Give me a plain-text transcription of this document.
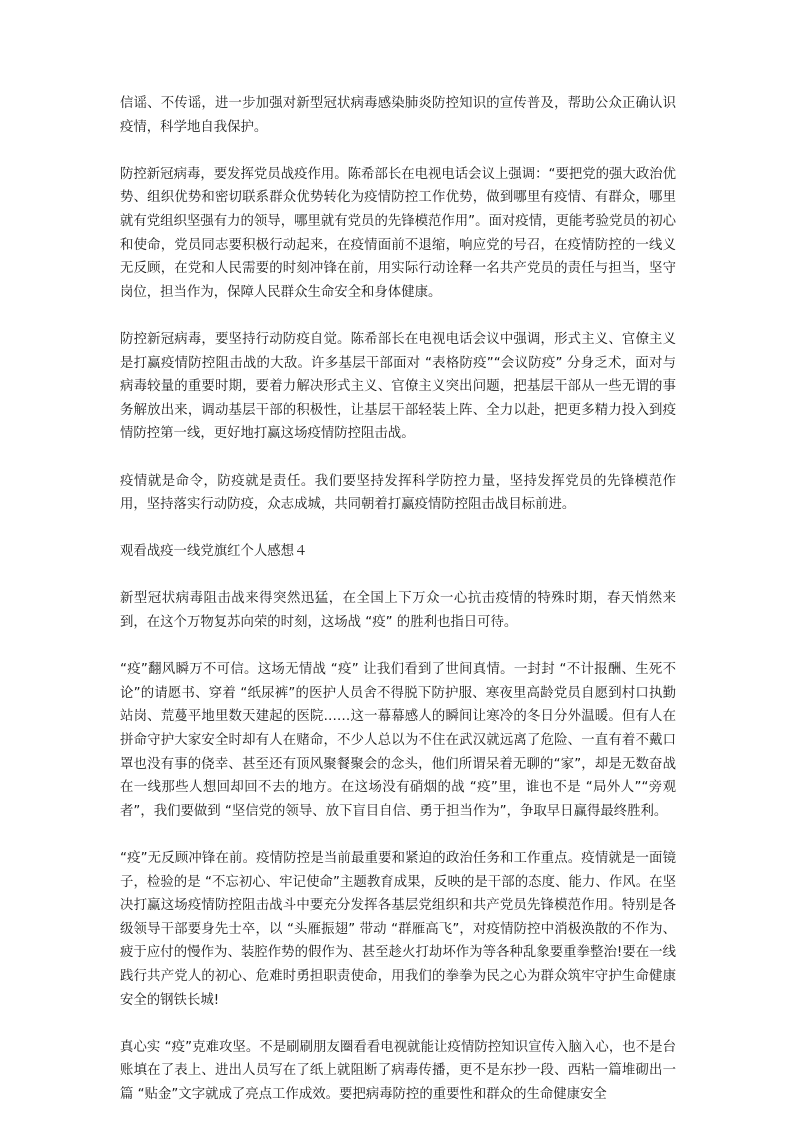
信谣、不传谣，进一步加强对新型冠状病毒感染肺炎防控知识的宣传普及，帮助公众正确认识疫情，科学地自我保护。

防控新冠病毒，要发挥党员战疫作用。陈希部长在电视电话会议上强调：“要把党的强大政治优势、组织优势和密切联系群众优势转化为疫情防控工作优势，做到哪里有疫情、有群众，哪里就有党组织坚强有力的领导，哪里就有党员的先锋模范作用”。面对疫情，更能考验党员的初心和使命，党员同志要积极行动起来，在疫情面前不退缩，响应党的号召，在疫情防控的一线义无反顾，在党和人民需要的时刻冲锋在前，用实际行动诠释一名共产党员的责任与担当，坚守岗位，担当作为，保障人民群众生命安全和身体健康。

防控新冠病毒，要坚持行动防疫自觉。陈希部长在电视电话会议中强调，形式主义、官僚主义是打赢疫情防控阻击战的大敌。许多基层干部面对 “表格防疫”“会议防疫” 分身乏术，面对与病毒较量的重要时期，要着力解决形式主义、官僚主义突出问题，把基层干部从一些无谓的事务解放出来，调动基层干部的积极性，让基层干部轻装上阵、全力以赴，把更多精力投入到疫情防控第一线，更好地打赢这场疫情防控阻击战。

疫情就是命令，防疫就是责任。我们要坚持发挥科学防控力量，坚持发挥党员的先锋模范作用，坚持落实行动防疫，众志成城，共同朝着打赢疫情防控阻击战目标前进。

观看战疫一线党旗红个人感想４

新型冠状病毒阻击战来得突然迅猛，在全国上下万众一心抗击疫情的特殊时期，春天悄然来到，在这个万物复苏向荣的时刻，这场战 “疫” 的胜利也指日可待。

“疫”翻风瞬万不可信。这场无情战 “疫” 让我们看到了世间真情。一封封 “不计报酬、生死不论”的请愿书、穿着 “纸尿裤”的医护人员舍不得脱下防护服、寒夜里高龄党员自愿到村口执勤站岗、荒蔓平地里数天建起的医院……这一幕幕感人的瞬间让寒冷的冬日分外温暖。但有人在拼命守护大家安全时却有人在赌命，不少人总以为不住在武汉就远离了危险、一直有着不戴口罩也没有事的侥幸、甚至还有顶风聚餐聚会的念头，他们所谓呆着无聊的“家”，却是无数奋战在一线那些人想回却回不去的地方。在这场没有硝烟的战 “疫”里，谁也不是 “局外人”“旁观者”，我们要做到 “坚信党的领导、放下盲目自信、勇于担当作为”，争取早日赢得最终胜利。

“疫”无反顾冲锋在前。疫情防控是当前最重要和紧迫的政治任务和工作重点。疫情就是一面镜子，检验的是 “不忘初心、牢记使命”主题教育成果，反映的是干部的态度、能力、作风。在坚决打赢这场疫情防控阻击战斗中要充分发挥各基层党组织和共产党员先锋模范作用。特别是各级领导干部要身先士卒，以 “头雁振翅” 带动 “群雁高飞”，对疫情防控中消极涣散的不作为、疲于应付的慢作为、装腔作势的假作为、甚至趁火打劫坏作为等各种乱象要重拳整治!要在一线践行共产党人的初心、危难时勇担职责使命，用我们的拳拳为民之心为群众筑牢守护生命健康安全的钢铁长城!

真心实 “疫”克难攻坚。不是刷刷朋友圈看看电视就能让疫情防控知识宣传入脑入心，也不是台账填在了表上、进出人员写在了纸上就阻断了病毒传播，更不是东抄一段、西粘一篇堆砌出一篇 “贴金”文字就成了亮点工作成效。要把病毒防控的重要性和群众的生命健康安全
